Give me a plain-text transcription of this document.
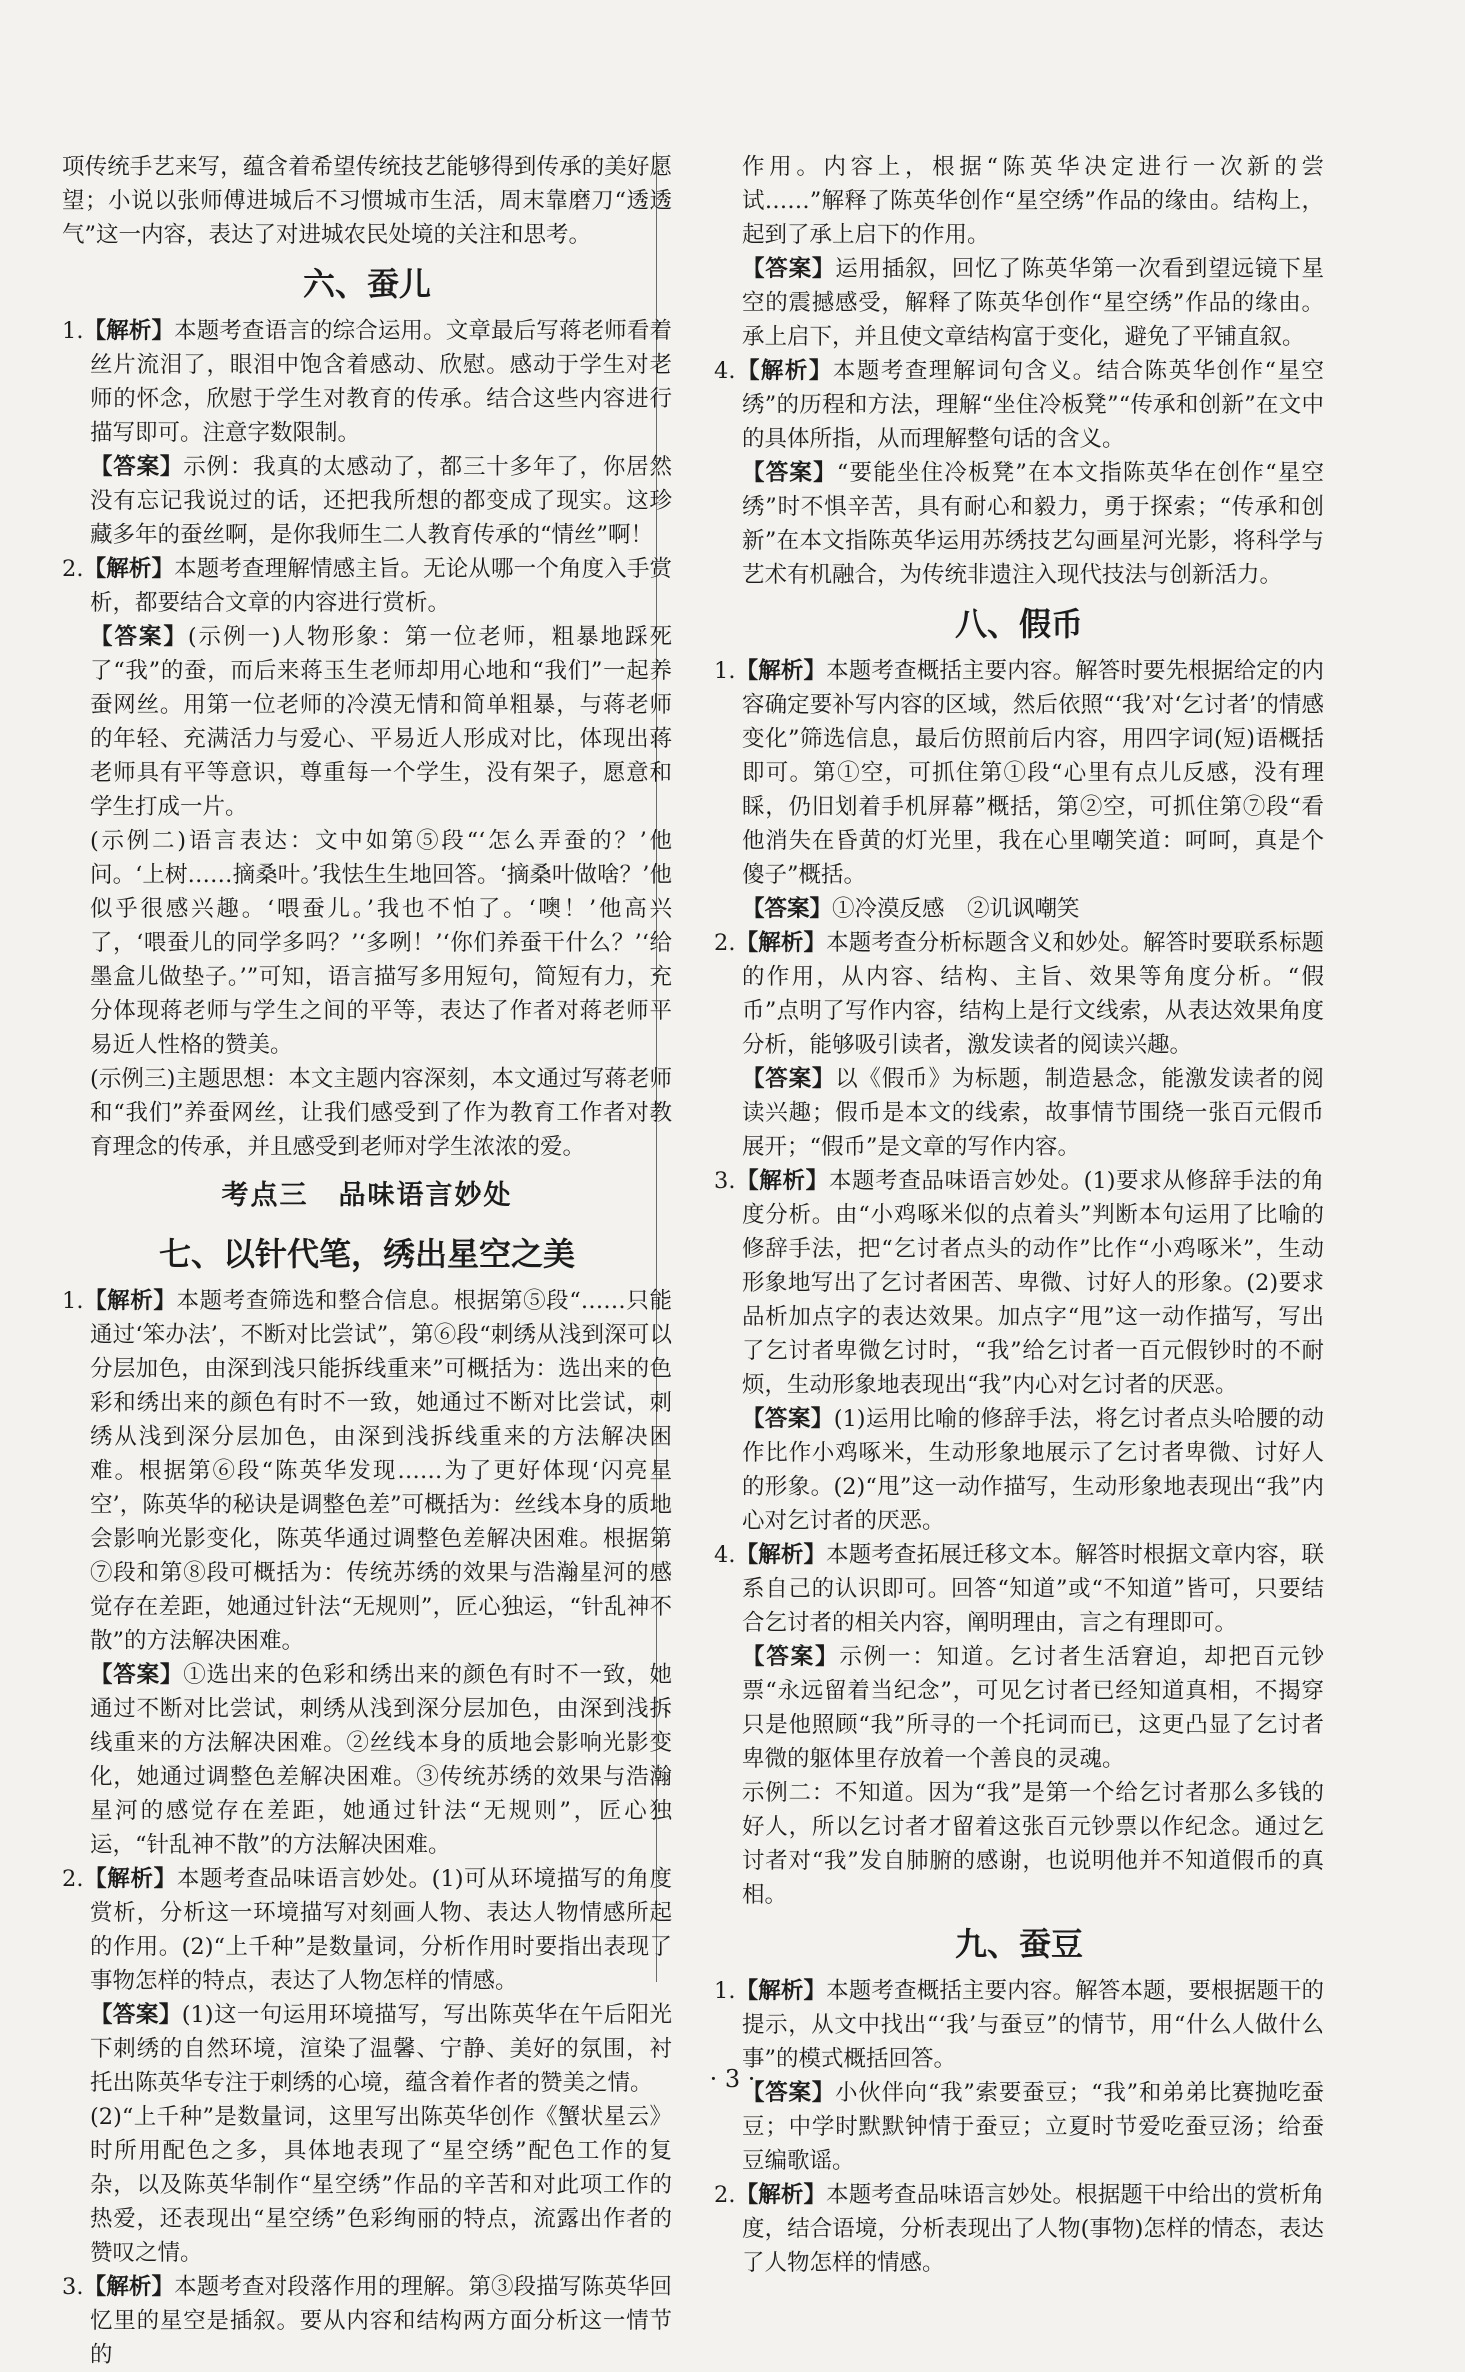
项传统手艺来写，蕴含着希望传统技艺能够得到传承的美好愿望；小说以张师傅进城后不习惯城市生活，周末靠磨刀“透透气”这一内容，表达了对进城农民处境的关注和思考。

六、蚕儿

1.【解析】本题考查语言的综合运用。文章最后写蒋老师看着丝片流泪了，眼泪中饱含着感动、欣慰。感动于学生对老师的怀念，欣慰于学生对教育的传承。结合这些内容进行描写即可。注意字数限制。

【答案】示例：我真的太感动了，都三十多年了，你居然没有忘记我说过的话，还把我所想的都变成了现实。这珍藏多年的蚕丝啊，是你我师生二人教育传承的“情丝”啊！

2.【解析】本题考查理解情感主旨。无论从哪一个角度入手赏析，都要结合文章的内容进行赏析。

【答案】(示例一)人物形象：第一位老师，粗暴地踩死了“我”的蚕，而后来蒋玉生老师却用心地和“我们”一起养蚕网丝。用第一位老师的冷漠无情和简单粗暴，与蒋老师的年轻、充满活力与爱心、平易近人形成对比，体现出蒋老师具有平等意识，尊重每一个学生，没有架子，愿意和学生打成一片。

(示例二)语言表达：文中如第⑤段“‘怎么弄蚕的？’他问。‘上树……摘桑叶。’我怯生生地回答。‘摘桑叶做啥？’他似乎很感兴趣。‘喂蚕儿。’我也不怕了。‘噢！’他高兴了，‘喂蚕儿的同学多吗？’‘多咧！’‘你们养蚕干什么？’‘给墨盒儿做垫子。’”可知，语言描写多用短句，简短有力，充分体现蒋老师与学生之间的平等，表达了作者对蒋老师平易近人性格的赞美。

(示例三)主题思想：本文主题内容深刻，本文通过写蒋老师和“我们”养蚕网丝，让我们感受到了作为教育工作者对教育理念的传承，并且感受到老师对学生浓浓的爱。

考点三 品味语言妙处
七、以针代笔，绣出星空之美

1.【解析】本题考查筛选和整合信息。根据第⑤段“……只能通过‘笨办法’，不断对比尝试”，第⑥段“刺绣从浅到深可以分层加色，由深到浅只能拆线重来”可概括为：选出来的色彩和绣出来的颜色有时不一致，她通过不断对比尝试，刺绣从浅到深分层加色，由深到浅拆线重来的方法解决困难。根据第⑥段“陈英华发现……为了更好体现‘闪亮星空’，陈英华的秘诀是调整色差”可概括为：丝线本身的质地会影响光影变化，陈英华通过调整色差解决困难。根据第⑦段和第⑧段可概括为：传统苏绣的效果与浩瀚星河的感觉存在差距，她通过针法“无规则”，匠心独运，“针乱神不散”的方法解决困难。

【答案】①选出来的色彩和绣出来的颜色有时不一致，她通过不断对比尝试，刺绣从浅到深分层加色，由深到浅拆线重来的方法解决困难。②丝线本身的质地会影响光影变化，她通过调整色差解决困难。③传统苏绣的效果与浩瀚星河的感觉存在差距，她通过针法“无规则”，匠心独运，“针乱神不散”的方法解决困难。

2.【解析】本题考查品味语言妙处。(1)可从环境描写的角度赏析，分析这一环境描写对刻画人物、表达人物情感所起的作用。(2)“上千种”是数量词，分析作用时要指出表现了事物怎样的特点，表达了人物怎样的情感。

【答案】(1)这一句运用环境描写，写出陈英华在午后阳光下刺绣的自然环境，渲染了温馨、宁静、美好的氛围，衬托出陈英华专注于刺绣的心境，蕴含着作者的赞美之情。

(2)“上千种”是数量词，这里写出陈英华创作《蟹状星云》时所用配色之多，具体地表现了“星空绣”配色工作的复杂，以及陈英华制作“星空绣”作品的辛苦和对此项工作的热爱，还表现出“星空绣”色彩绚丽的特点，流露出作者的赞叹之情。

3.【解析】本题考查对段落作用的理解。第③段描写陈英华回忆里的星空是插叙。要从内容和结构两方面分析这一情节的

作用。内容上，根据“陈英华决定进行一次新的尝试……”解释了陈英华创作“星空绣”作品的缘由。结构上，起到了承上启下的作用。

【答案】运用插叙，回忆了陈英华第一次看到望远镜下星空的震撼感受，解释了陈英华创作“星空绣”作品的缘由。承上启下，并且使文章结构富于变化，避免了平铺直叙。

4.【解析】本题考查理解词句含义。结合陈英华创作“星空绣”的历程和方法，理解“坐住冷板凳”“传承和创新”在文中的具体所指，从而理解整句话的含义。

【答案】“要能坐住冷板凳”在本文指陈英华在创作“星空绣”时不惧辛苦，具有耐心和毅力，勇于探索；“传承和创新”在本文指陈英华运用苏绣技艺勾画星河光影，将科学与艺术有机融合，为传统非遗注入现代技法与创新活力。

八、假币

1.【解析】本题考查概括主要内容。解答时要先根据给定的内容确定要补写内容的区域，然后依照“‘我’对‘乞讨者’的情感变化”筛选信息，最后仿照前后内容，用四字词(短)语概括即可。第①空，可抓住第①段“心里有点儿反感，没有理睬，仍旧划着手机屏幕”概括，第②空，可抓住第⑦段“看他消失在昏黄的灯光里，我在心里嘲笑道：呵呵，真是个傻子”概括。

【答案】①冷漠反感　②讥讽嘲笑

2.【解析】本题考查分析标题含义和妙处。解答时要联系标题的作用，从内容、结构、主旨、效果等角度分析。“假币”点明了写作内容，结构上是行文线索，从表达效果角度分析，能够吸引读者，激发读者的阅读兴趣。

【答案】以《假币》为标题，制造悬念，能激发读者的阅读兴趣；假币是本文的线索，故事情节围绕一张百元假币展开；“假币”是文章的写作内容。

3.【解析】本题考查品味语言妙处。(1)要求从修辞手法的角度分析。由“小鸡啄米似的点着头”判断本句运用了比喻的修辞手法，把“乞讨者点头的动作”比作“小鸡啄米”，生动形象地写出了乞讨者困苦、卑微、讨好人的形象。(2)要求品析加点字的表达效果。加点字“甩”这一动作描写，写出了乞讨者卑微乞讨时，“我”给乞讨者一百元假钞时的不耐烦，生动形象地表现出“我”内心对乞讨者的厌恶。

【答案】(1)运用比喻的修辞手法，将乞讨者点头哈腰的动作比作小鸡啄米，生动形象地展示了乞讨者卑微、讨好人的形象。(2)“甩”这一动作描写，生动形象地表现出“我”内心对乞讨者的厌恶。

4.【解析】本题考查拓展迁移文本。解答时根据文章内容，联系自己的认识即可。回答“知道”或“不知道”皆可，只要结合乞讨者的相关内容，阐明理由，言之有理即可。

【答案】示例一：知道。乞讨者生活窘迫，却把百元钞票“永远留着当纪念”，可见乞讨者已经知道真相，不揭穿只是他照顾“我”所寻的一个托词而已，这更凸显了乞讨者卑微的躯体里存放着一个善良的灵魂。

示例二：不知道。因为“我”是第一个给乞讨者那么多钱的好人，所以乞讨者才留着这张百元钞票以作纪念。通过乞讨者对“我”发自肺腑的感谢，也说明他并不知道假币的真相。

九、蚕豆

1.【解析】本题考查概括主要内容。解答本题，要根据题干的提示，从文中找出“‘我’与蚕豆”的情节，用“什么人做什么事”的模式概括回答。

【答案】小伙伴向“我”索要蚕豆；“我”和弟弟比赛抛吃蚕豆；中学时默默钟情于蚕豆；立夏时节爱吃蚕豆汤；给蚕豆编歌谣。

2.【解析】本题考查品味语言妙处。根据题干中给出的赏析角度，结合语境，分析表现出了人物(事物)怎样的情态，表达了人物怎样的情感。

· 3 ·
